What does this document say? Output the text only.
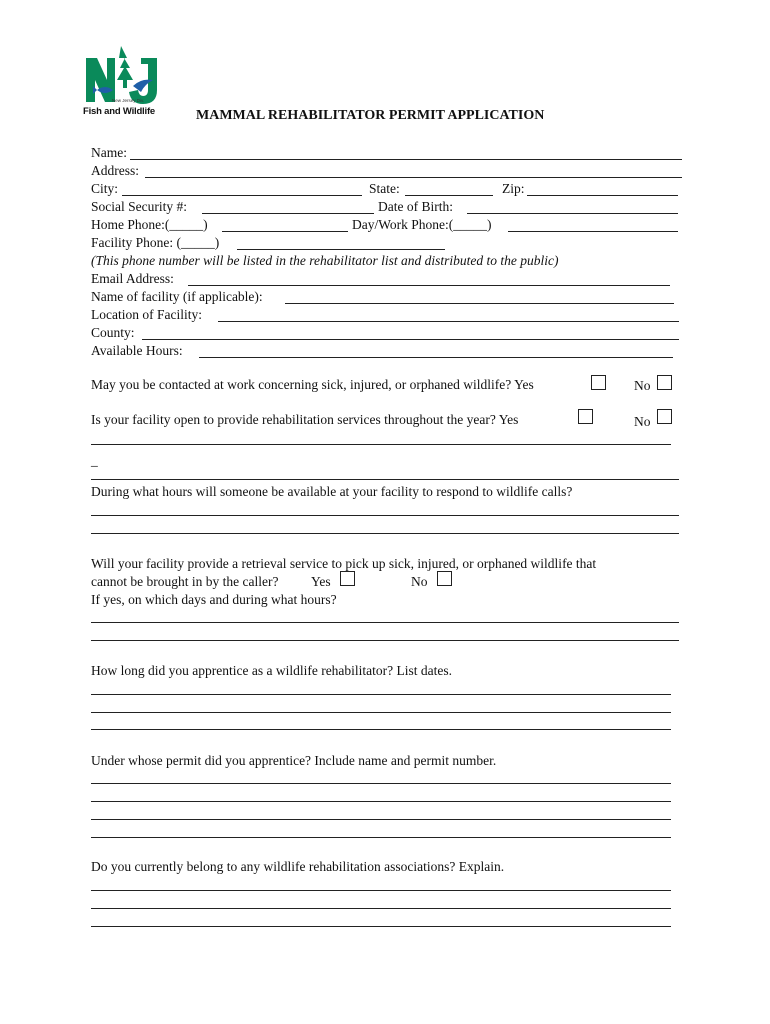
New Jersey Div.
Fish and Wildlife	MAMMAL REHABILITATOR PERMIT APPLICATION
Name:
Address:
City:	State:	Zip:
Social Security #:	Date of Birth:
Home Phone:(_____)	Day/Work Phone:(_____)
Facility Phone: (_____)
(This phone number will be listed in the rehabilitator list and distributed to the public)
Email Address:
Name of facility (if applicable):
Location of Facility:
County:
Available Hours:
May you be contacted at work concerning sick, injured, or orphaned wildlife? Yes	No
Is your facility open to provide rehabilitation services throughout the year? Yes	No
_
During what hours will someone be available at your facility to respond to wildlife calls?
Will your facility provide a retrieval service to pick up sick, injured, or orphaned wildlife that
cannot be brought in by the caller? Yes	No
If yes, on which days and during what hours?
How long did you apprentice as a wildlife rehabilitator? List dates.
Under whose permit did you apprentice? Include name and permit number.
Do you currently belong to any wildlife rehabilitation associations? Explain.
